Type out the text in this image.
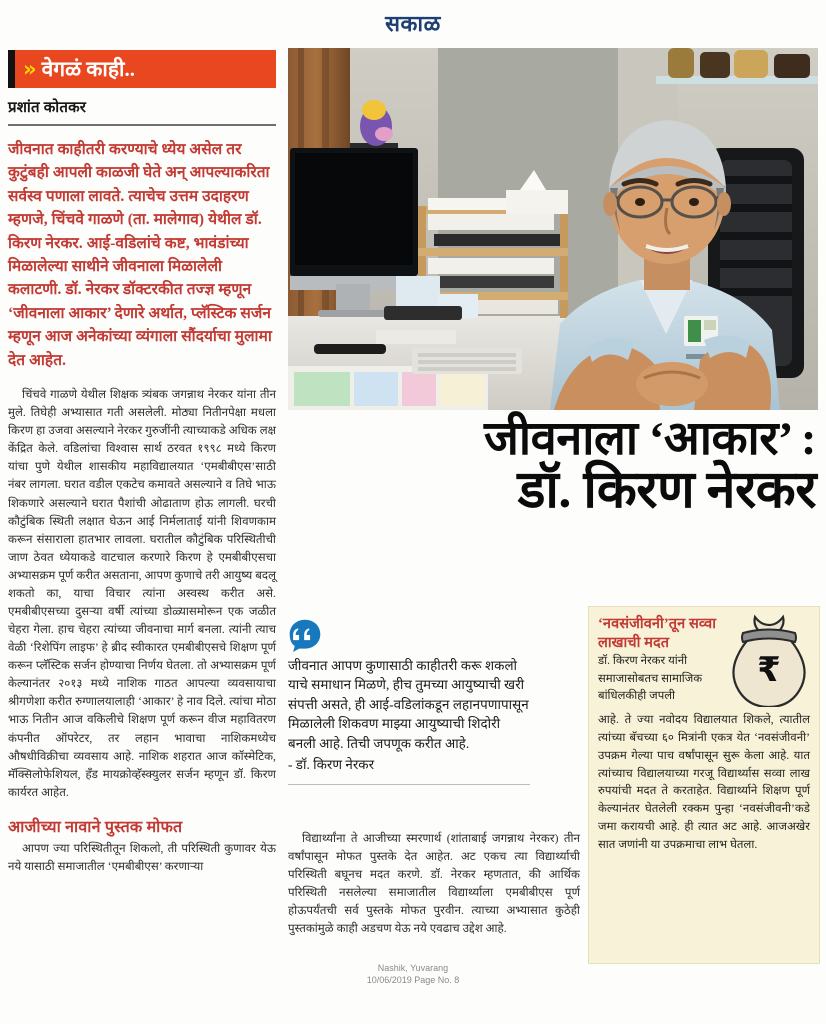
सकाळ
» वेगळं काही..
प्रशांत कोतकर
जीवनात काहीतरी करण्याचे ध्येय असेल तर कुटुंबही आपली काळजी घेते अन् आपल्याकरिता सर्वस्व पणाला लावते. त्याचेच उत्तम उदाहरण म्हणजे, चिंचवे गाळणे (ता. मालेगाव) येथील डॉ. किरण नेरकर. आई-वडिलांचे कष्ट, भावंडांच्या मिळालेल्या साथीने जीवनाला मिळालेली कलाटणी. डॉ. नेरकर डॉक्टरकीत तज्ज्ञ म्हणून ‘जीवनाला आकार’ देणारे अर्थात, प्लॅस्टिक सर्जन म्हणून आज अनेकांच्या व्यंगाला सौंदर्याचा मुलामा देत आहेत.
चिंचवे गाळणे येथील शिक्षक त्र्यंबक जगन्नाथ नेरकर यांना तीन मुले. तिघेही अभ्यासात गती असलेली. मोठ्या नितीनपेक्षा मधला किरण हा उजवा असल्याने नेरकर गुरुजींनी त्याच्याकडे अधिक लक्ष केंद्रित केले. वडिलांचा विश्वास सार्थ ठरवत १९९८ मध्ये किरण यांचा पुणे येथील शासकीय महाविद्यालयात ‘एमबीबीएस’साठी नंबर लागला. घरात वडील एकटेच कमावते असल्याने व तिघे भाऊ शिकणारे असल्याने घरात पैशांची ओढाताण होऊ लागली. घरची कौटुंबिक स्थिती लक्षात घेऊन आई निर्मलाताई यांनी शिवणकाम करून संसाराला हातभार लावला. घरातील कौटुंबिक परिस्थितीची जाण ठेवत ध्येयाकडे वाटचाल करणारे किरण हे एमबीबीएसचा अभ्यासक्रम पूर्ण करीत असताना, आपण कुणाचे तरी आयुष्य बदलू शकतो का, याचा विचार त्यांना अस्वस्थ करीत असे. एमबीबीएसच्या दुसऱ्या वर्षी त्यांच्या डोळ्यासमोरून एक जळीत चेहरा गेला. हाच चेहरा त्यांच्या जीवनाचा मार्ग बनला. त्यांनी त्याच वेळी ‘रिशेपिंग लाइफ’ हे ब्रीद स्वीकारत एमबीबीएसचे शिक्षण पूर्ण करून प्लॅस्टिक सर्जन होण्याचा निर्णय घेतला. तो अभ्यासक्रम पूर्ण केल्यानंतर २०१३ मध्ये नाशिक गाठत आपल्या व्यवसायाचा श्रीगणेशा करीत रुग्णालयालाही ‘आकार’ हे नाव दिले. त्यांचा मोठा भाऊ नितीन आज वकिलीचे शिक्षण पूर्ण करून वीज महावितरण कंपनीत ऑपरेटर, तर लहान भावाचा नाशिकमध्येच औषधीविक्रीचा व्यवसाय आहे. नाशिक शहरात आज कॉस्मेटिक, मॅक्सिलोफेशियल, हॅंड मायक्रोव्हॅस्क्युलर सर्जन म्हणून डॉ. किरण कार्यरत आहेत.
आजीच्या नावाने पुस्तक मोफत
आपण ज्या परिस्थितीतून शिकलो, ती परिस्थिती कुणावर येऊ नये यासाठी समाजातील ‘एमबीबीएस’ करणाऱ्या
जीवनाला ‘आकार’ :
डॉ. किरण नेरकर
जीवनात आपण कुणासाठी काहीतरी करू शकलो याचे समाधान मिळणे, हीच तुमच्या आयुष्याची खरी संपत्ती असते, ही आई-वडिलांकडून लहानपणापासून मिळालेली शिकवण माझ्या आयुष्याची शिदोरी बनली आहे. तिची जपणूक करीत आहे.
- डॉ. किरण नेरकर
विद्यार्थ्यांना ते आजीच्या स्मरणार्थ (शांताबाई जगन्नाथ नेरकर) तीन वर्षांपासून मोफत पुस्तके देत आहेत. अट एकच त्या विद्यार्थ्याची परिस्थिती बघूनच मदत करणे. डॉ. नेरकर म्हणतात, की आर्थिक परिस्थिती नसलेल्या समाजातील विद्यार्थ्याला एमबीबीएस पूर्ण होऊपर्यंतची सर्व पुस्तके मोफत पुरवीन. त्याच्या अभ्यासात कुठेही पुस्तकांमुळे काही अडचण येऊ नये एवढाच उद्देश आहे.
₹
‘नवसंजीवनी’तून सव्वा लाखाची मदत
डॉ. किरण नेरकर यांनी समाजासोबतच सामाजिक बांधिलकीही जपली
आहे. ते ज्या नवोदय विद्यालयात शिकले, त्यातील त्यांच्या बॅचच्या ६० मित्रांनी एकत्र येत ‘नवसंजीवनी’ उपक्रम गेल्या पाच वर्षांपासून सुरू केला आहे. यात त्यांच्याच विद्यालयाच्या गरजू विद्यार्थ्यास सव्वा लाख रुपयांची मदत ते करताहेत. विद्यार्थ्याने शिक्षण पूर्ण केल्यानंतर घेतलेली रक्कम पुन्हा ‘नवसंजीवनी’कडे जमा करायची आहे. ही त्यात अट आहे. आजअखेर सात जणांनी या उपक्रमाचा लाभ घेतला.
Nashik, Yuvarang
10/06/2019 Page No. 8
